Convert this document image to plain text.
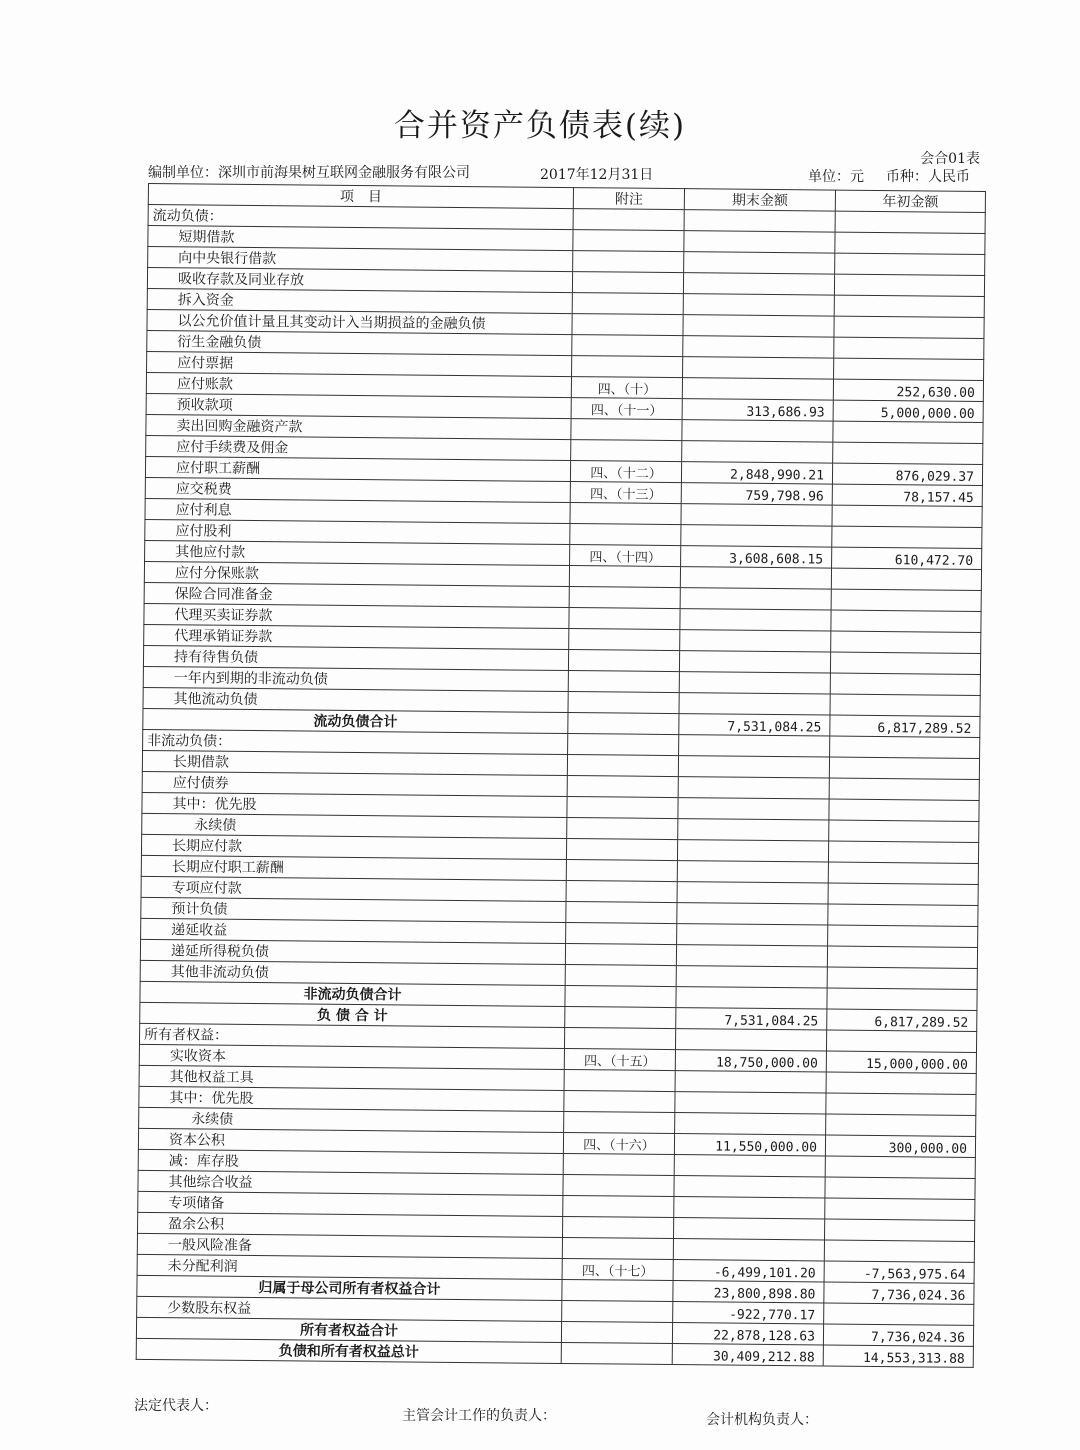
合并资产负债表(续)
会合01表
编制单位：深圳市前海果树互联网金融服务有限公司	2017年12月31日	单位：元 币种：人民币
项　目	附注	期末金额	年初金额
流动负债：			
短期借款			
向中央银行借款			
吸收存款及同业存放			
拆入资金			
以公允价值计量且其变动计入当期损益的金融负债			
衍生金融负债			
应付票据			
应付账款	四、（十）		252,630.00
预收款项	四、（十一）	313,686.93	5,000,000.00
卖出回购金融资产款			
应付手续费及佣金			
应付职工薪酬	四、（十二）	2,848,990.21	876,029.37
应交税费	四、（十三）	759,798.96	78,157.45
应付利息			
应付股利			
其他应付款	四、（十四）	3,608,608.15	610,472.70
应付分保账款			
保险合同准备金			
代理买卖证券款			
代理承销证券款			
持有待售负债			
一年内到期的非流动负债			
其他流动负债			
流动负债合计		7,531,084.25	6,817,289.52
非流动负债：			
长期借款			
应付债券			
其中：优先股			
永续债			
长期应付款			
长期应付职工薪酬			
专项应付款			
预计负债			
递延收益			
递延所得税负债			
其他非流动负债			
非流动负债合计			
负 债 合 计		7,531,084.25	6,817,289.52
所有者权益：			
实收资本	四、（十五）	18,750,000.00	15,000,000.00
其他权益工具			
其中：优先股			
永续债			
资本公积	四、（十六）	11,550,000.00	300,000.00
减：库存股			
其他综合收益			
专项储备			
盈余公积			
一般风险准备			
未分配利润	四、（十七）	-6,499,101.20	-7,563,975.64
归属于母公司所有者权益合计		23,800,898.80	7,736,024.36
少数股东权益		-922,770.17	
所有者权益合计		22,878,128.63	7,736,024.36
负债和所有者权益总计		30,409,212.88	14,553,313.88
法定代表人：
主管会计工作的负责人：	会计机构负责人：
